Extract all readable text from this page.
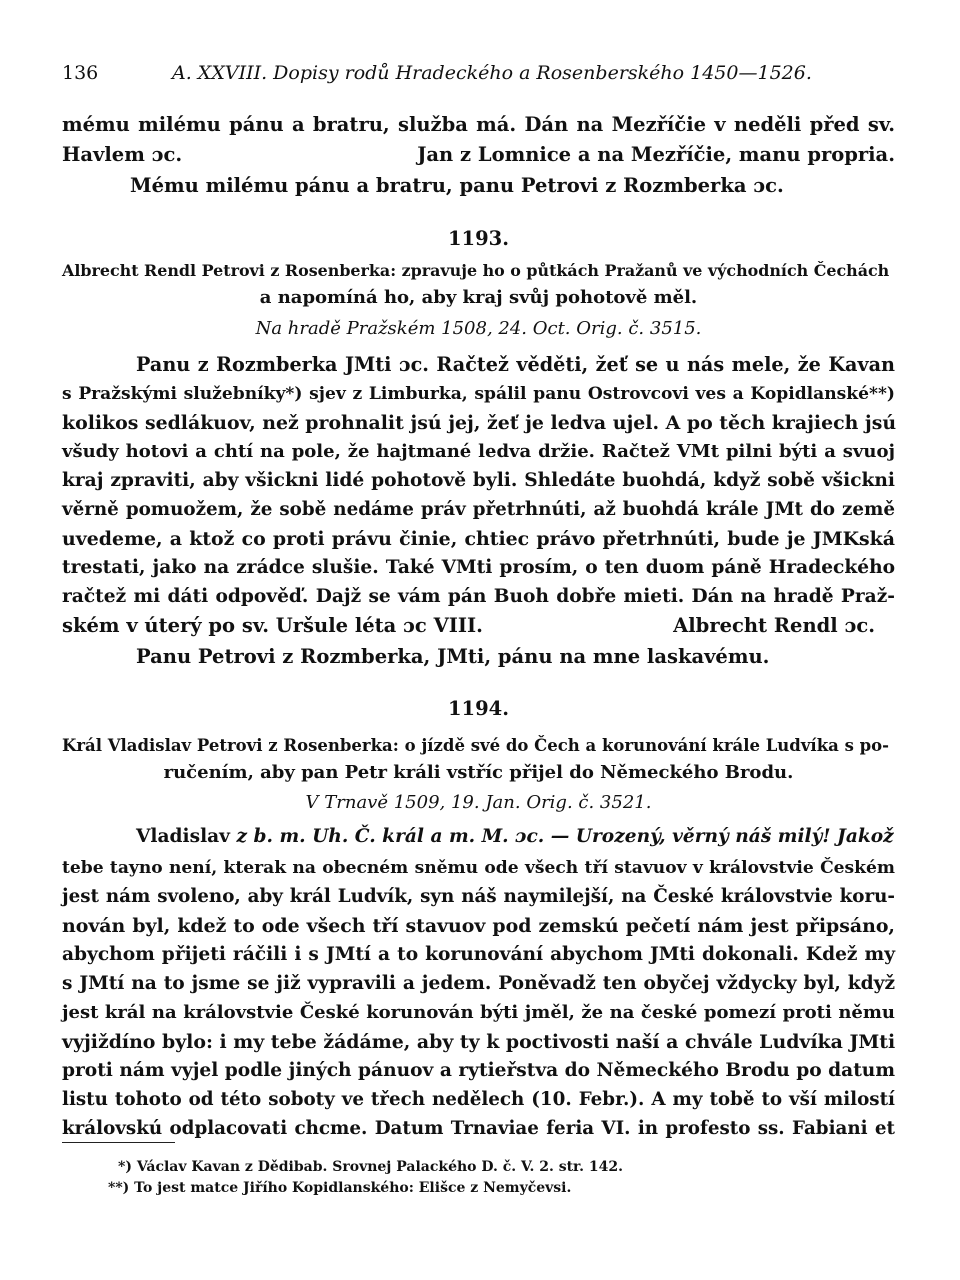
136	A. XXVIII. Dopisy rodů Hradeckého a Rosenberského 1450—1526.
mému milému pánu a bratru, služba má. Dán na Mezříčie v neděli před sv.
Havlem ɔc.	Jan z Lomnice a na Mezříčie, manu propria.
Mému milému pánu a bratru, panu Petrovi z Rozmberka ɔc.
1193.
Albrecht Rendl Petrovi z Rosenberka: zpravuje ho o půtkách Pražanů ve východních Čechách
a napomíná ho, aby kraj svůj pohotově měl.
Na hradě Pražském 1508, 24. Oct. Orig. č. 3515.
Panu z Rozmberka JMti ɔc. Račtež věděti, žeť se u nás mele, že Kavan
s Pražskými služebníky*) sjev z Limburka, spálil panu Ostrovcovi ves a Kopidlanské**)
kolikos sedlákuov, než prohnalit jsú jej, žeť je ledva ujel. A po těch krajiech jsú
všudy hotovi a chtí na pole, že hajtmané ledva držie. Račtež VMt pilni býti a svuoj
kraj zpraviti, aby všickni lidé pohotově byli. Shledáte buohdá, když sobě všickni
věrně pomuožem, že sobě nedáme práv přetrhnúti, až buohdá krále JMt do země
uvedeme, a ktož co proti právu činie, chtiec právo přetrhnúti, bude je JMKská
trestati, jako na zrádce slušie. Také VMti prosím, o ten duom páně Hradeckého
račtež mi dáti odpověď. Dajž se vám pán Buoh dobře mieti. Dán na hradě Praž-
ském v úterý po sv. Uršule léta ɔc VIII.	Albrecht Rendl ɔc.
Panu Petrovi z Rozmberka, JMti, pánu na mne laskavému.
1194.
Král Vladislav Petrovi z Rosenberka: o jízdě své do Čech a korunování krále Ludvíka s po-
ručením, aby pan Petr králi vstříc přijel do Německého Brodu.
V Trnavě 1509, 19. Jan. Orig. č. 3521.
Vladislav z b. m. Uh. Č. král a m. M. ɔc. — Urozený, věrný náš milý! Jakož
tebe tayno není, kterak na obecném sněmu ode všech tří stavuov v královstvie Českém
jest nám svoleno, aby král Ludvík, syn náš naymilejší, na České královstvie koru-
nován byl, kdež to ode všech tří stavuov pod zemskú pečetí nám jest připsáno,
abychom přijeti ráčili i s JMtí a to korunování abychom JMti dokonali. Kdež my
s JMtí na to jsme se již vypravili a jedem. Poněvadž ten obyčej vždycky byl, když
jest král na královstvie České korunován býti jměl, že na české pomezí proti němu
vyjiždíno bylo: i my tebe žádáme, aby ty k poctivosti naší a chvále Ludvíka JMti
proti nám vyjel podle jiných pánuov a rytieřstva do Německého Brodu po datum
listu tohoto od této soboty ve třech nedělech (10. Febr.). A my tobě to vší milostí
královskú odplacovati chcme. Datum Trnaviae feria VI. in profesto ss. Fabiani et
*) Václav Kavan z Dědibab. Srovnej Palackého D. č. V. 2. str. 142.
**) To jest matce Jiřího Kopidlanského: Elišce z Nemyčevsi.
